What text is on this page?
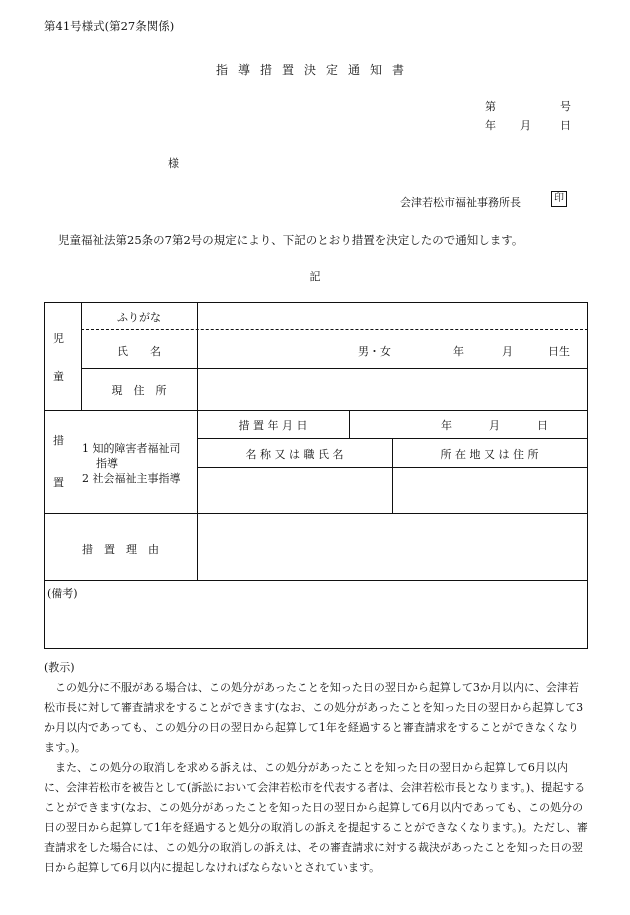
第41号様式(第27条関係)
指導措置決定通知書
第	号
年 月	日
様
会津若松市福祉事務所長	印
児童福祉法第25条の7第2号の規定により、下記のとおり措置を決定したので通知します。
記
児
童
ふりがな
氏　　名	男・女	年	月	日生
現　住　所
措
置
1 知的障害者福祉司
指導
2 社会福祉主事指導
措 置 年 月 日	年	月	日
名 称 又 は 職 氏 名	所 在 地 又 は 住 所
措　置　理　由
(備考)
(教示)
この処分に不服がある場合は、この処分があったことを知った日の翌日から起算して3か月以内に、会津若松市長に対して審査請求をすることができます(なお、この処分があったことを知った日の翌日から起算して3か月以内であっても、この処分の日の翌日から起算して1年を経過すると審査請求をすることができなくなります。)。
また、この処分の取消しを求める訴えは、この処分があったことを知った日の翌日から起算して6月以内に、会津若松市を被告として(訴訟において会津若松市を代表する者は、会津若松市長となります。)、提起することができます(なお、この処分があったことを知った日の翌日から起算して6月以内であっても、この処分の日の翌日から起算して1年を経過すると処分の取消しの訴えを提起することができなくなります。)。ただし、審査請求をした場合には、この処分の取消しの訴えは、その審査請求に対する裁決があったことを知った日の翌日から起算して6月以内に提起しなければならないとされています。
